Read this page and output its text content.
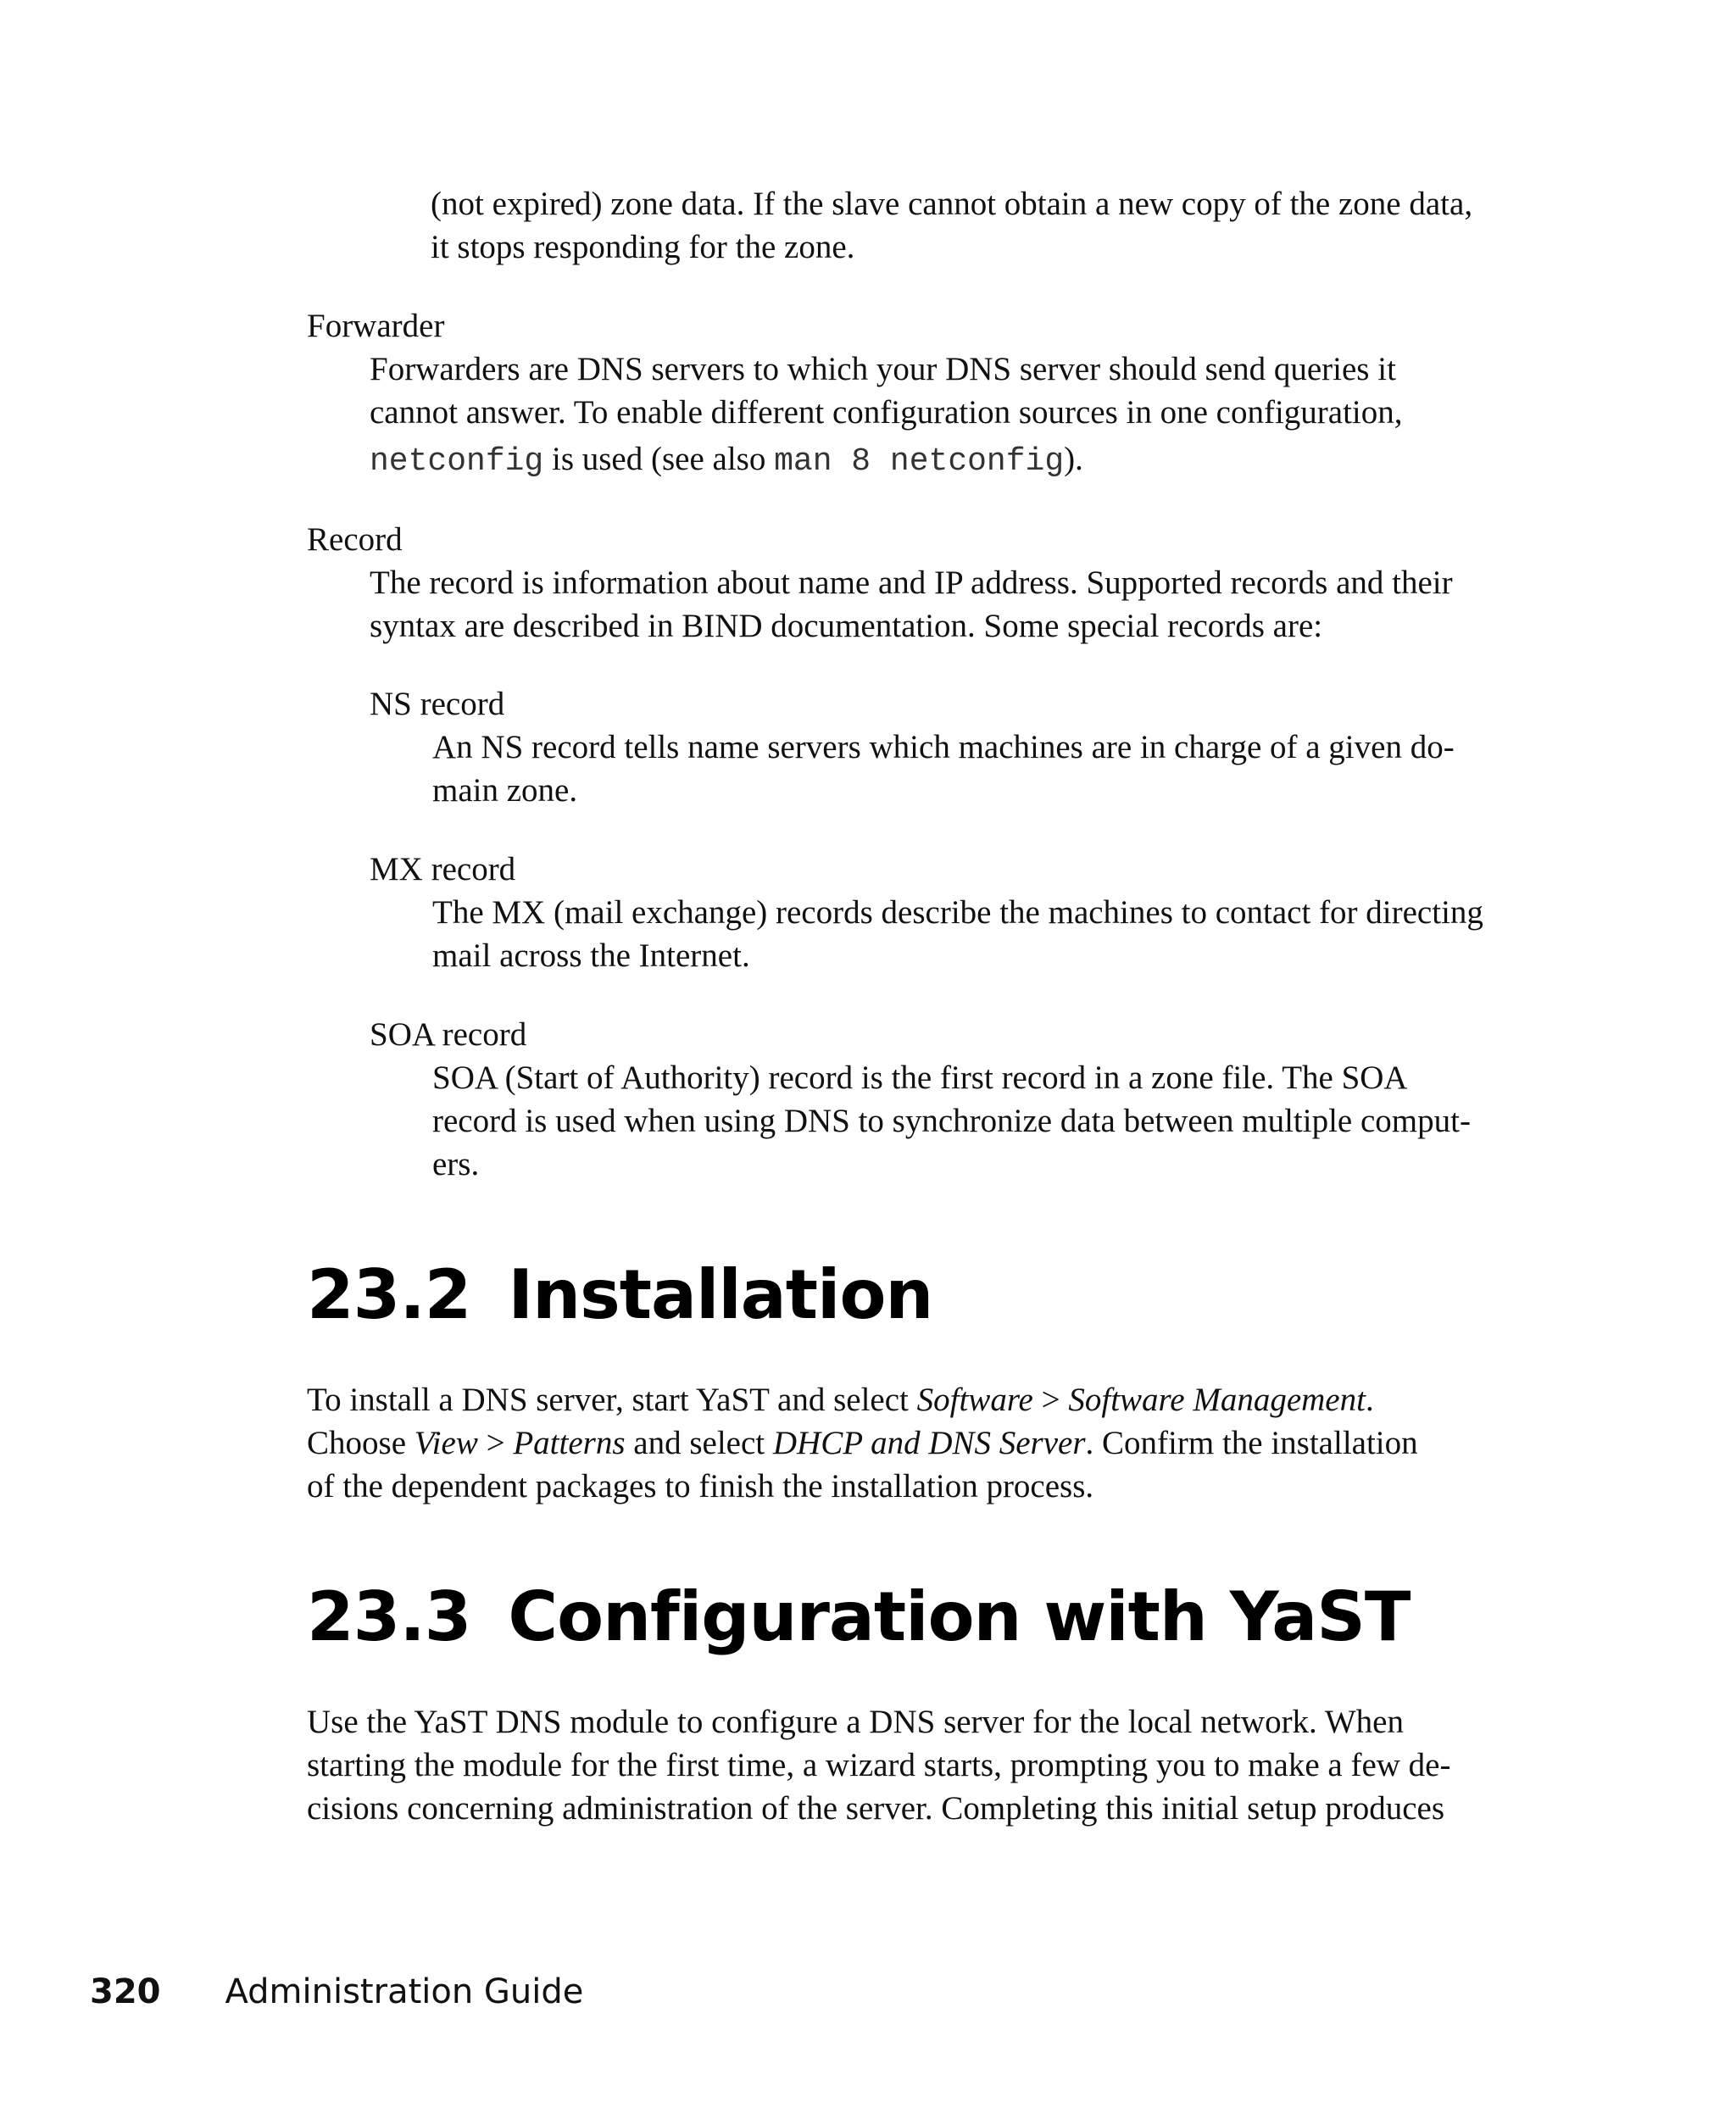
(not expired) zone data. If the slave cannot obtain a new copy of the zone data,
it stops responding for the zone.
Forwarder
Forwarders are DNS servers to which your DNS server should send queries it
cannot answer. To enable different configuration sources in one configuration,
netconfig is used (see also man 8 netconfig).
Record
The record is information about name and IP address. Supported records and their
syntax are described in BIND documentation. Some special records are:
NS record
An NS record tells name servers which machines are in charge of a given do-
main zone.
MX record
The MX (mail exchange) records describe the machines to contact for directing
mail across the Internet.
SOA record
SOA (Start of Authority) record is the first record in a zone file. The SOA
record is used when using DNS to synchronize data between multiple comput-
ers.
23.2 Installation
To install a DNS server, start YaST and select Software > Software Management.
Choose View > Patterns and select DHCP and DNS Server. Confirm the installation
of the dependent packages to finish the installation process.
23.3 Configuration with YaST
Use the YaST DNS module to configure a DNS server for the local network. When
starting the module for the first time, a wizard starts, prompting you to make a few de-
cisions concerning administration of the server. Completing this initial setup produces
320 Administration Guide
